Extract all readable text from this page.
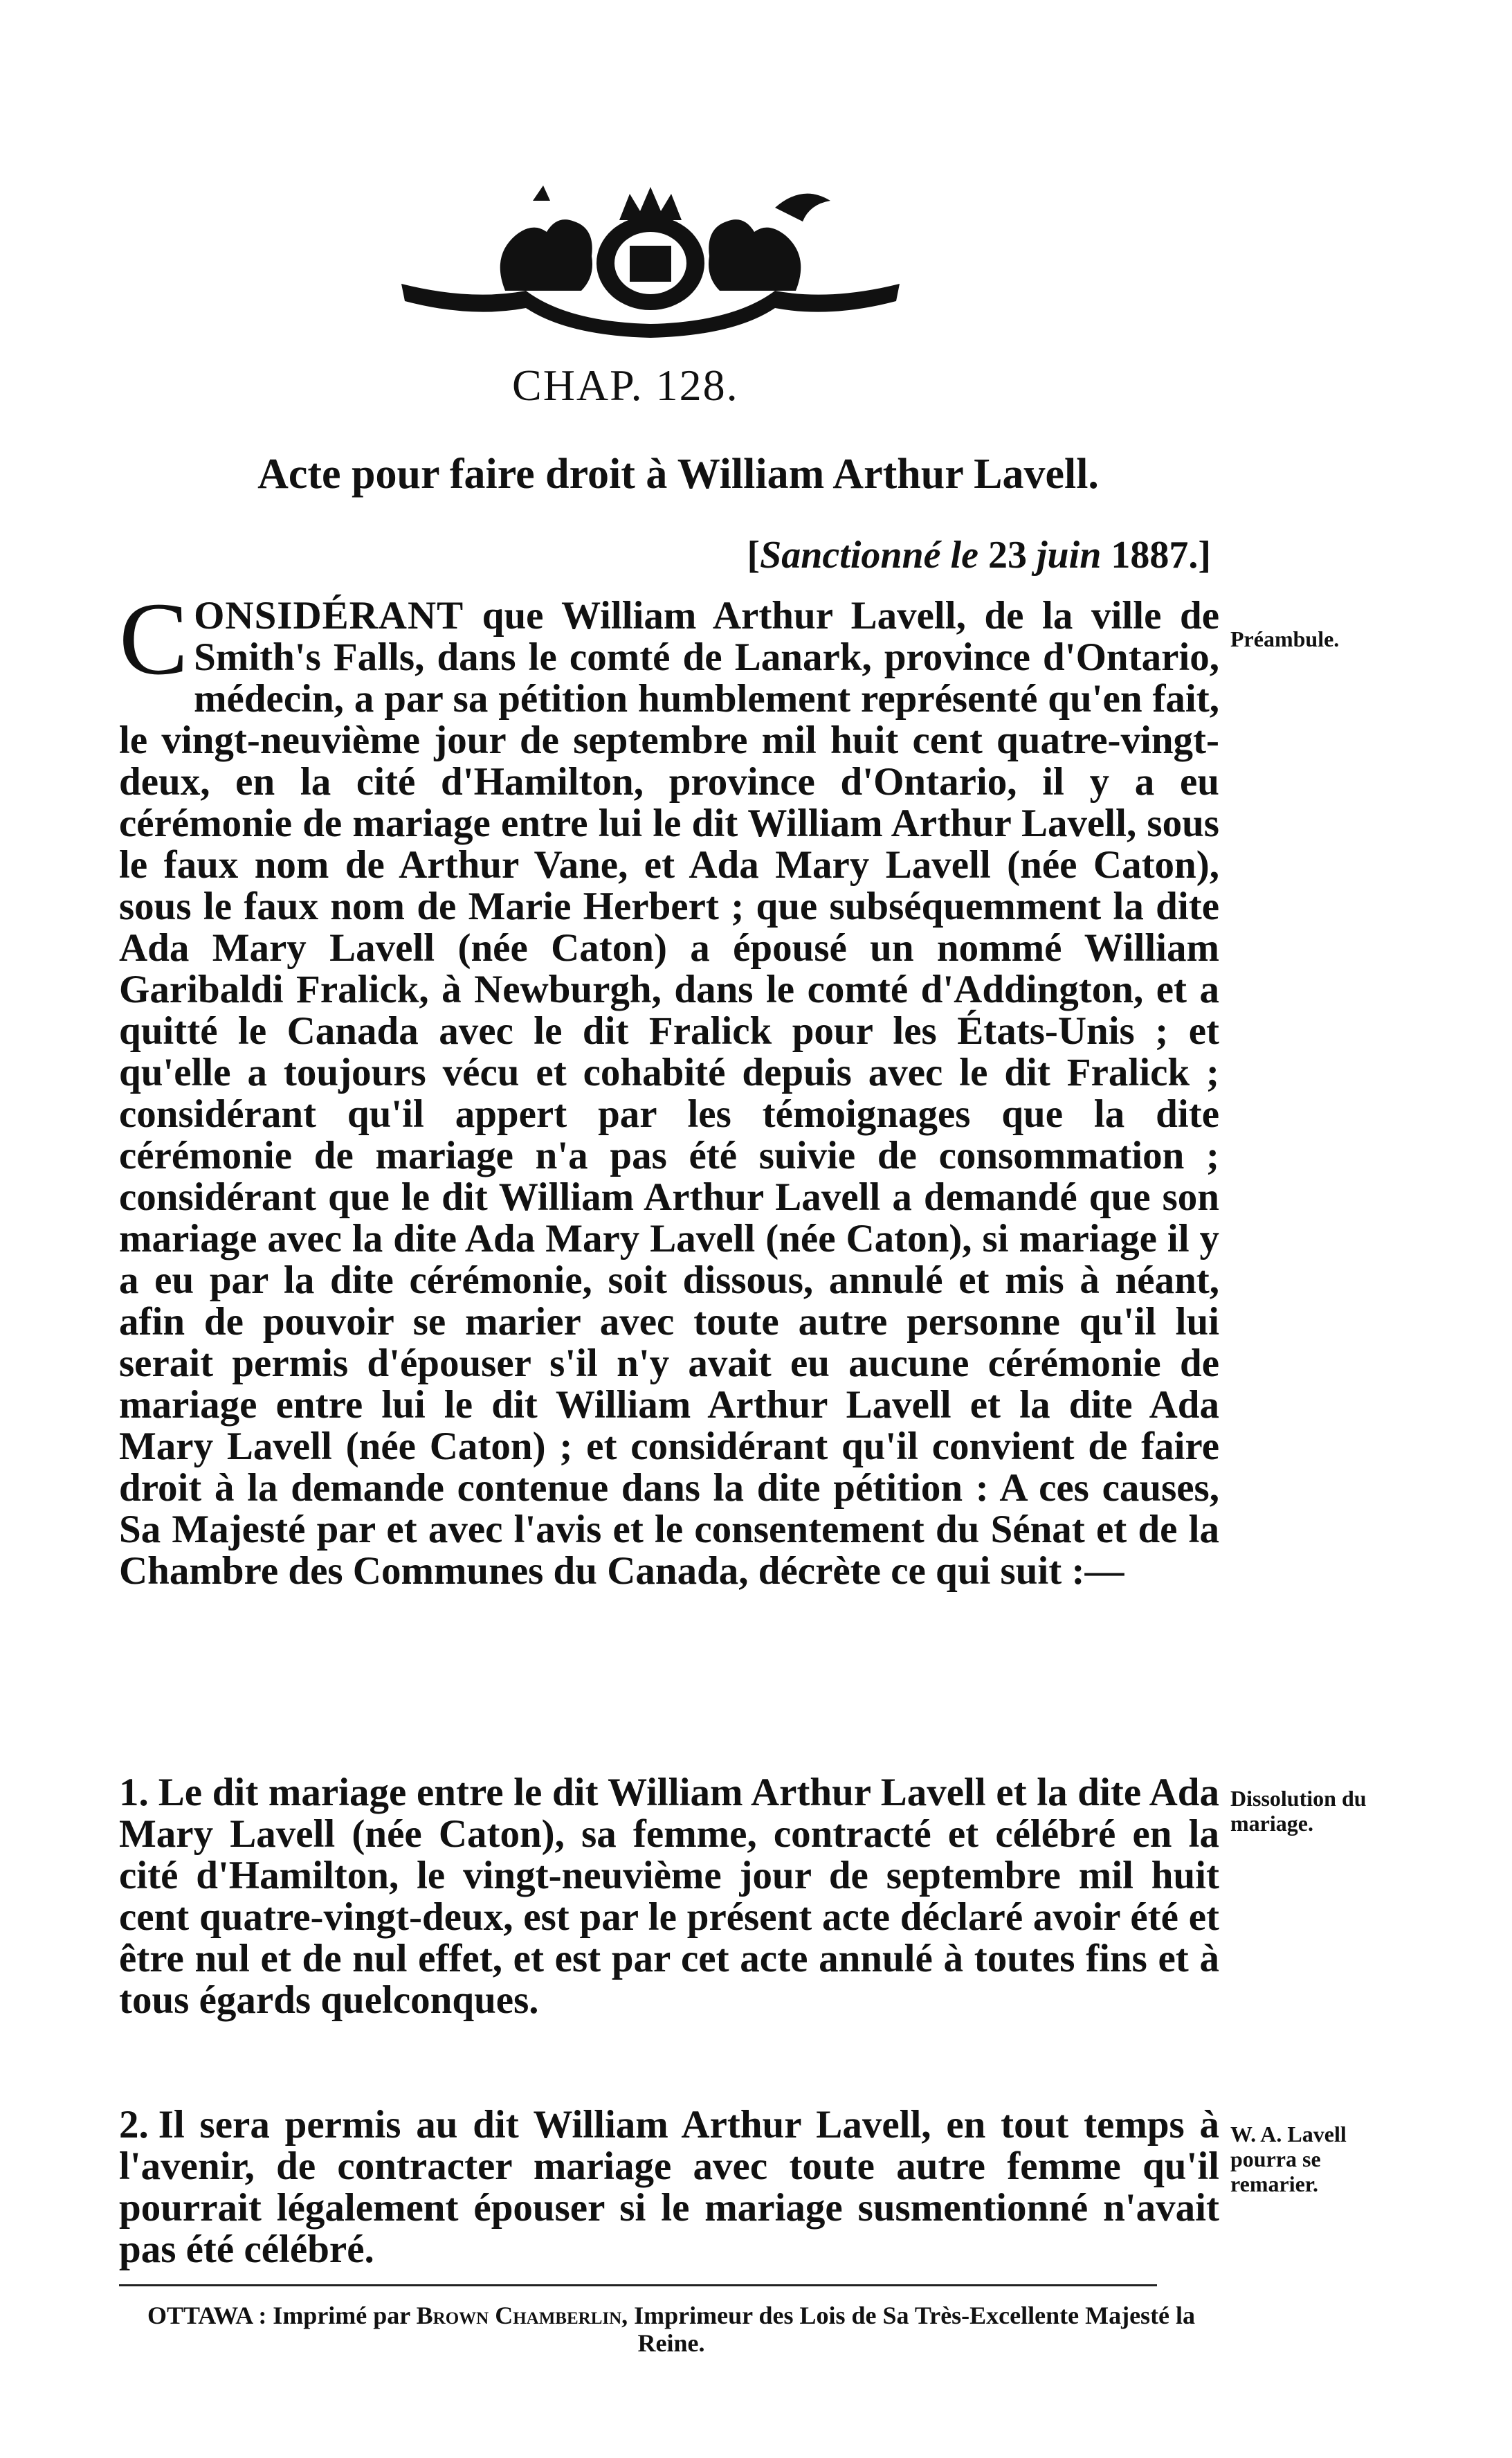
CHAP. 128.
Acte pour faire droit à William Arthur Lavell.
[Sanctionné le 23 juin 1887.]
CONSIDÉRANT que William Arthur Lavell, de la ville de Smith's Falls, dans le comté de Lanark, province d'Ontario, médecin, a par sa pétition humblement représenté qu'en fait, le vingt-neuvième jour de septembre mil huit cent quatre-vingt-deux, en la cité d'Hamilton, province d'Ontario, il y a eu cérémonie de mariage entre lui le dit William Arthur Lavell, sous le faux nom de Arthur Vane, et Ada Mary Lavell (née Caton), sous le faux nom de Marie Herbert ; que subséquemment la dite Ada Mary Lavell (née Caton) a épousé un nommé William Garibaldi Fralick, à Newburgh, dans le comté d'Addington, et a quitté le Canada avec le dit Fralick pour les États-Unis ; et qu'elle a toujours vécu et cohabité depuis avec le dit Fralick ; considérant qu'il appert par les témoignages que la dite cérémonie de mariage n'a pas été suivie de consommation ; considérant que le dit William Arthur Lavell a demandé que son mariage avec la dite Ada Mary Lavell (née Caton), si mariage il y a eu par la dite cérémonie, soit dissous, annulé et mis à néant, afin de pouvoir se marier avec toute autre personne qu'il lui serait permis d'épouser s'il n'y avait eu aucune cérémonie de mariage entre lui le dit William Arthur Lavell et la dite Ada Mary Lavell (née Caton) ; et considérant qu'il convient de faire droit à la demande contenue dans la dite pétition : A ces causes, Sa Majesté par et avec l'avis et le consentement du Sénat et de la Chambre des Communes du Canada, décrète ce qui suit :—
Préambule.
1. Le dit mariage entre le dit William Arthur Lavell et la dite Ada Mary Lavell (née Caton), sa femme, contracté et célébré en la cité d'Hamilton, le vingt-neuvième jour de septembre mil huit cent quatre-vingt-deux, est par le présent acte déclaré avoir été et être nul et de nul effet, et est par cet acte annulé à toutes fins et à tous égards quelconques.
Dissolution du mariage.
2. Il sera permis au dit William Arthur Lavell, en tout temps à l'avenir, de contracter mariage avec toute autre femme qu'il pourrait légalement épouser si le mariage susmentionné n'avait pas été célébré.
W. A. Lavell pourra se remarier.
OTTAWA : Imprimé par Brown Chamberlin, Imprimeur des Lois de Sa Très-Excellente Majesté la Reine.
